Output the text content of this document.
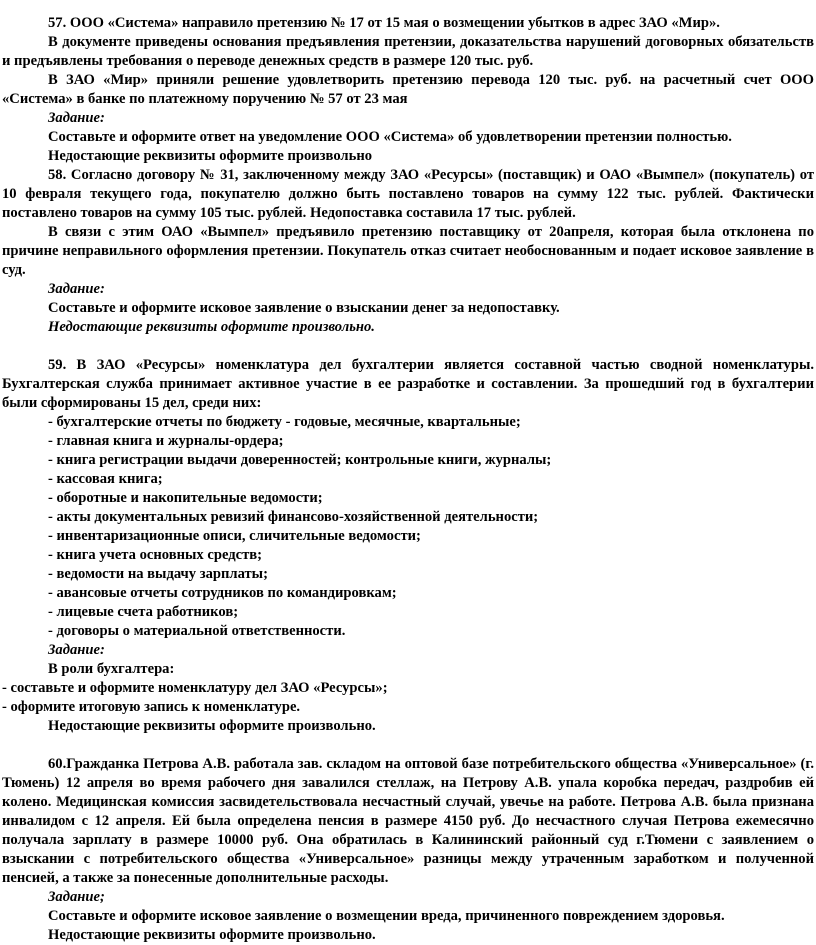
57. ООО «Система» направило претензию № 17 от 15 мая о возмещении убытков в адрес ЗАО «Мир».

В документе приведены основания предъявления претензии, доказательства нарушений договорных обязательств и предъявлены требования о переводе денежных средств в размере 120 тыс. руб.

В ЗАО «Мир» приняли решение удовлетворить претензию перевода 120 тыс. руб. на расчетный счет ООО «Система» в банке по платежному поручению № 57 от 23 мая

Задание:

Составьте и оформите ответ на уведомление ООО «Система» об удовлетворении претензии полностью.

Недостающие реквизиты оформите произвольно

58. Согласно договору № 31, заключенному между ЗАО «Ресурсы» (поставщик) и ОАО «Вымпел» (покупатель) от 10 февраля текущего года, покупателю должно быть поставлено товаров на сумму 122 тыс. рублей. Фактически поставлено товаров на сумму 105 тыс. рублей. Недопоставка составила 17 тыс. рублей.

В связи с этим ОАО «Вымпел» предъявило претензию поставщику от 20апреля, которая была отклонена по причине неправильного оформления претензии. Покупатель отказ считает необоснованным и подает исковое заявление в суд.

Задание:

Составьте и оформите исковое заявление о взыскании денег за недопоставку.

Недостающие реквизиты оформите произвольно.

59. В ЗАО «Ресурсы» номенклатура дел бухгалтерии является составной частью сводной номенклатуры. Бухгалтерская служба принимает активное участие в ее разработке и составлении. За прошедший год в бухгалтерии были сформированы 15 дел, среди них:

- бухгалтерские отчеты по бюджету - годовые, месячные, квартальные;

- главная книга и журналы-ордера;

- книга регистрации выдачи доверенностей; контрольные книги, журналы;

- кассовая книга;

- оборотные и накопительные ведомости;

- акты документальных ревизий финансово-хозяйственной деятельности;

- инвентаризационные описи, сличительные ведомости;

- книга учета основных средств;

- ведомости на выдачу зарплаты;

- авансовые отчеты сотрудников по командировкам;

- лицевые счета работников;

- договоры о материальной ответственности.

Задание:

В роли бухгалтера:

- составьте и оформите номенклатуру дел ЗАО «Ресурсы»;

- оформите итоговую запись к номенклатуре.

Недостающие реквизиты оформите произвольно.

60.Гражданка Петрова А.В. работала зав. складом на оптовой базе потребительского общества «Универсальное» (г. Тюмень) 12 апреля во время рабочего дня завалился стеллаж, на Петрову А.В. упала коробка передач, раздробив ей колено. Медицинская комиссия засвидетельствовала несчастный случай, увечье на работе. Петрова А.В. была признана инвалидом с 12 апреля. Ей была определена пенсия в размере 4150 руб. До несчастного случая Петрова ежемесячно получала зарплату в размере 10000 руб. Она обратилась в Калининский районный суд г.Тюмени с заявлением о взыскании с потребительского общества «Универсальное» разницы между утраченным заработком и полученной пенсией, а также за понесенные дополнительные расходы.

Задание;

Составьте и оформите исковое заявление о возмещении вреда, причиненного повреждением здоровья.

Недостающие реквизиты оформите произвольно.
